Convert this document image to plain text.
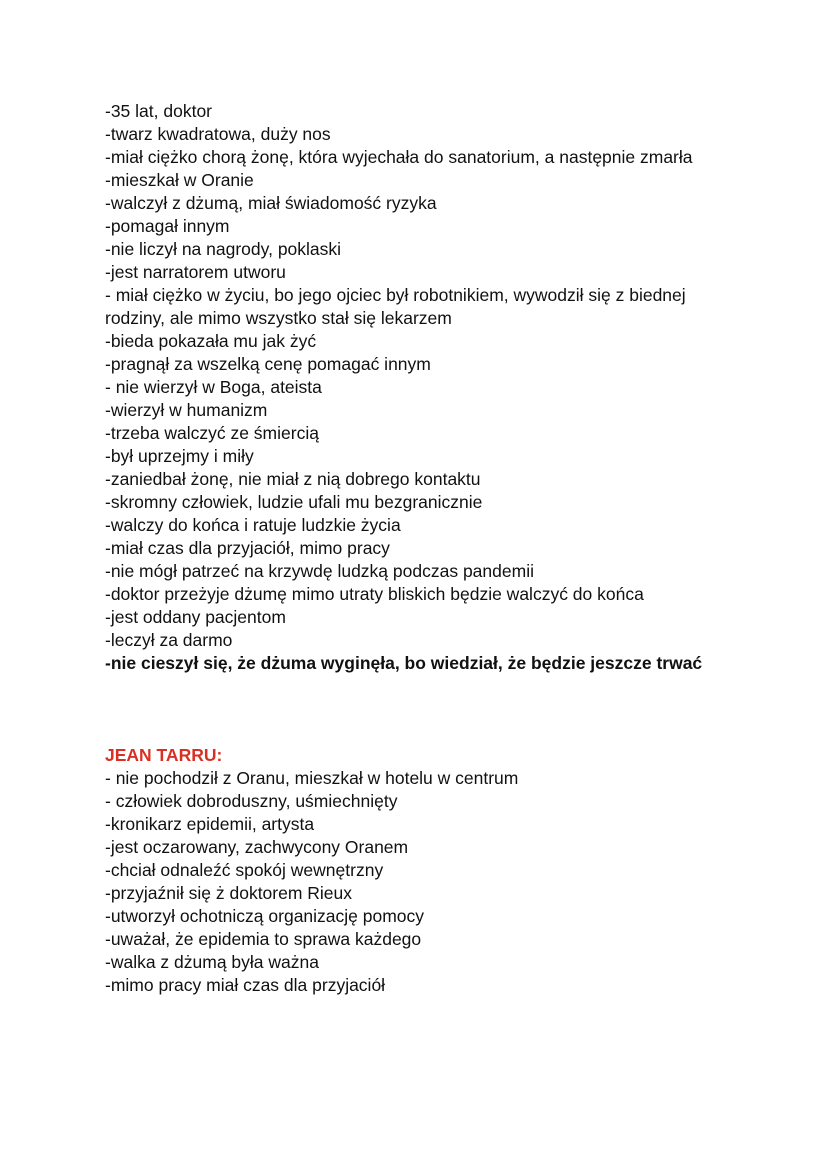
-35 lat, doktor

-twarz kwadratowa, duży nos

-miał ciężko chorą żonę, która wyjechała do sanatorium, a następnie zmarła

-mieszkał w Oranie

-walczył z dżumą, miał świadomość ryzyka

-pomagał innym

-nie liczył na nagrody, poklaski

-jest narratorem utworu

- miał ciężko w życiu, bo jego ojciec był robotnikiem, wywodził się z biednej rodziny, ale mimo wszystko stał się lekarzem

-bieda pokazała mu jak żyć

-pragnął za wszelką cenę pomagać innym

- nie wierzył w Boga, ateista

-wierzył w humanizm

-trzeba walczyć ze śmiercią

-był uprzejmy i miły

-zaniedbał żonę, nie miał z nią dobrego kontaktu

-skromny człowiek, ludzie ufali mu bezgranicznie

-walczy do końca i ratuje ludzkie życia

-miał czas dla przyjaciół, mimo pracy

-nie mógł patrzeć na krzywdę ludzką podczas pandemii

-doktor przeżyje dżumę mimo utraty bliskich będzie walczyć do końca

-jest oddany pacjentom

-leczył za darmo

-nie cieszył się, że dżuma wyginęła, bo wiedział, że będzie jeszcze trwać

JEAN TARRU:

- nie pochodził z Oranu, mieszkał w hotelu w centrum

- człowiek dobroduszny, uśmiechnięty

-kronikarz epidemii, artysta

-jest oczarowany, zachwycony Oranem

-chciał odnaleźć spokój wewnętrzny

-przyjaźnił się ż doktorem Rieux

-utworzył ochotniczą organizację pomocy

-uważał, że epidemia to sprawa każdego

-walka z dżumą była ważna

-mimo pracy miał czas dla przyjaciół
